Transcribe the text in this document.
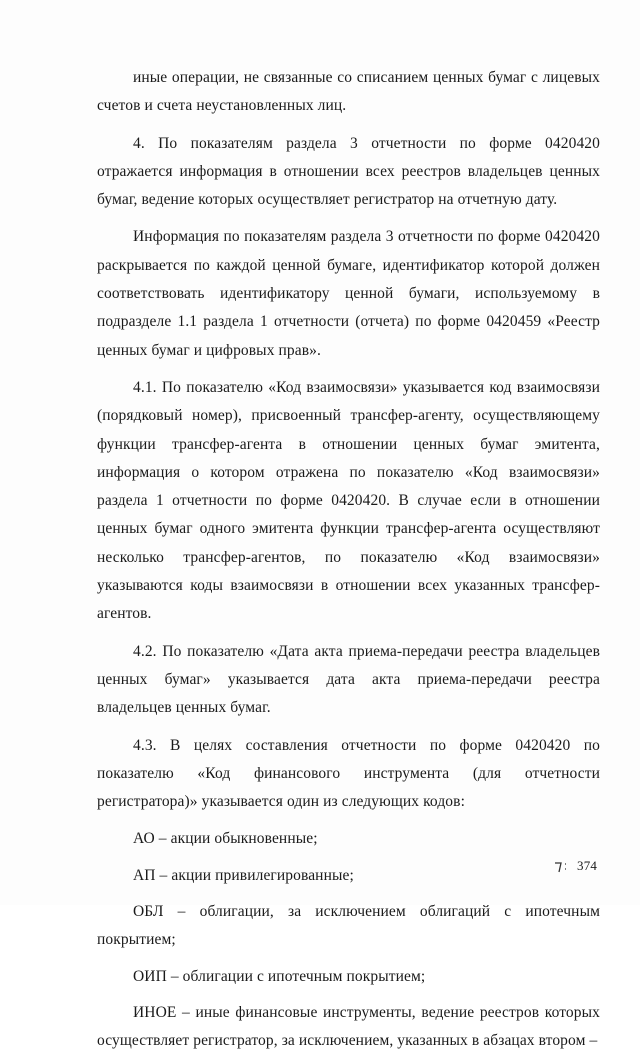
иные операции, не связанные со списанием ценных бумаг с лицевых счетов и счета неустановленных лиц.

4. По показателям раздела 3 отчетности по форме 0420420 отражается информация в отношении всех реестров владельцев ценных бумаг, ведение которых осуществляет регистратор на отчетную дату.

Информация по показателям раздела 3 отчетности по форме 0420420 раскрывается по каждой ценной бумаге, идентификатор которой должен соответствовать идентификатору ценной бумаги, используемому в подразделе 1.1 раздела 1 отчетности (отчета) по форме 0420459 «Реестр ценных бумаг и цифровых прав».

4.1. По показателю «Код взаимосвязи» указывается код взаимосвязи (порядковый номер), присвоенный трансфер-агенту, осуществляющему функции трансфер-агента в отношении ценных бумаг эмитента, информация о котором отражена по показателю «Код взаимосвязи» раздела 1 отчетности по форме 0420420. В случае если в отношении ценных бумаг одного эмитента функции трансфер-агента осуществляют несколько трансфер-агентов, по показателю «Код взаимосвязи» указываются коды взаимосвязи в отношении всех указанных трансфер-агентов.

4.2. По показателю «Дата акта приема-передачи реестра владельцев ценных бумаг» указывается дата акта приема-передачи реестра владельцев ценных бумаг.

4.3. В целях составления отчетности по форме 0420420 по показателю «Код финансового инструмента (для отчетности регистратора)» указывается один из следующих кодов:

АО – акции обыкновенные;

АП – акции привилегированные;

ОБЛ – облигации, за исключением облигаций с ипотечным покрытием;

ОИП – облигации с ипотечным покрытием;

ИНОЕ – иные финансовые инструменты, ведение реестров которых осуществляет регистратор, за исключением, указанных в абзацах втором –

374
